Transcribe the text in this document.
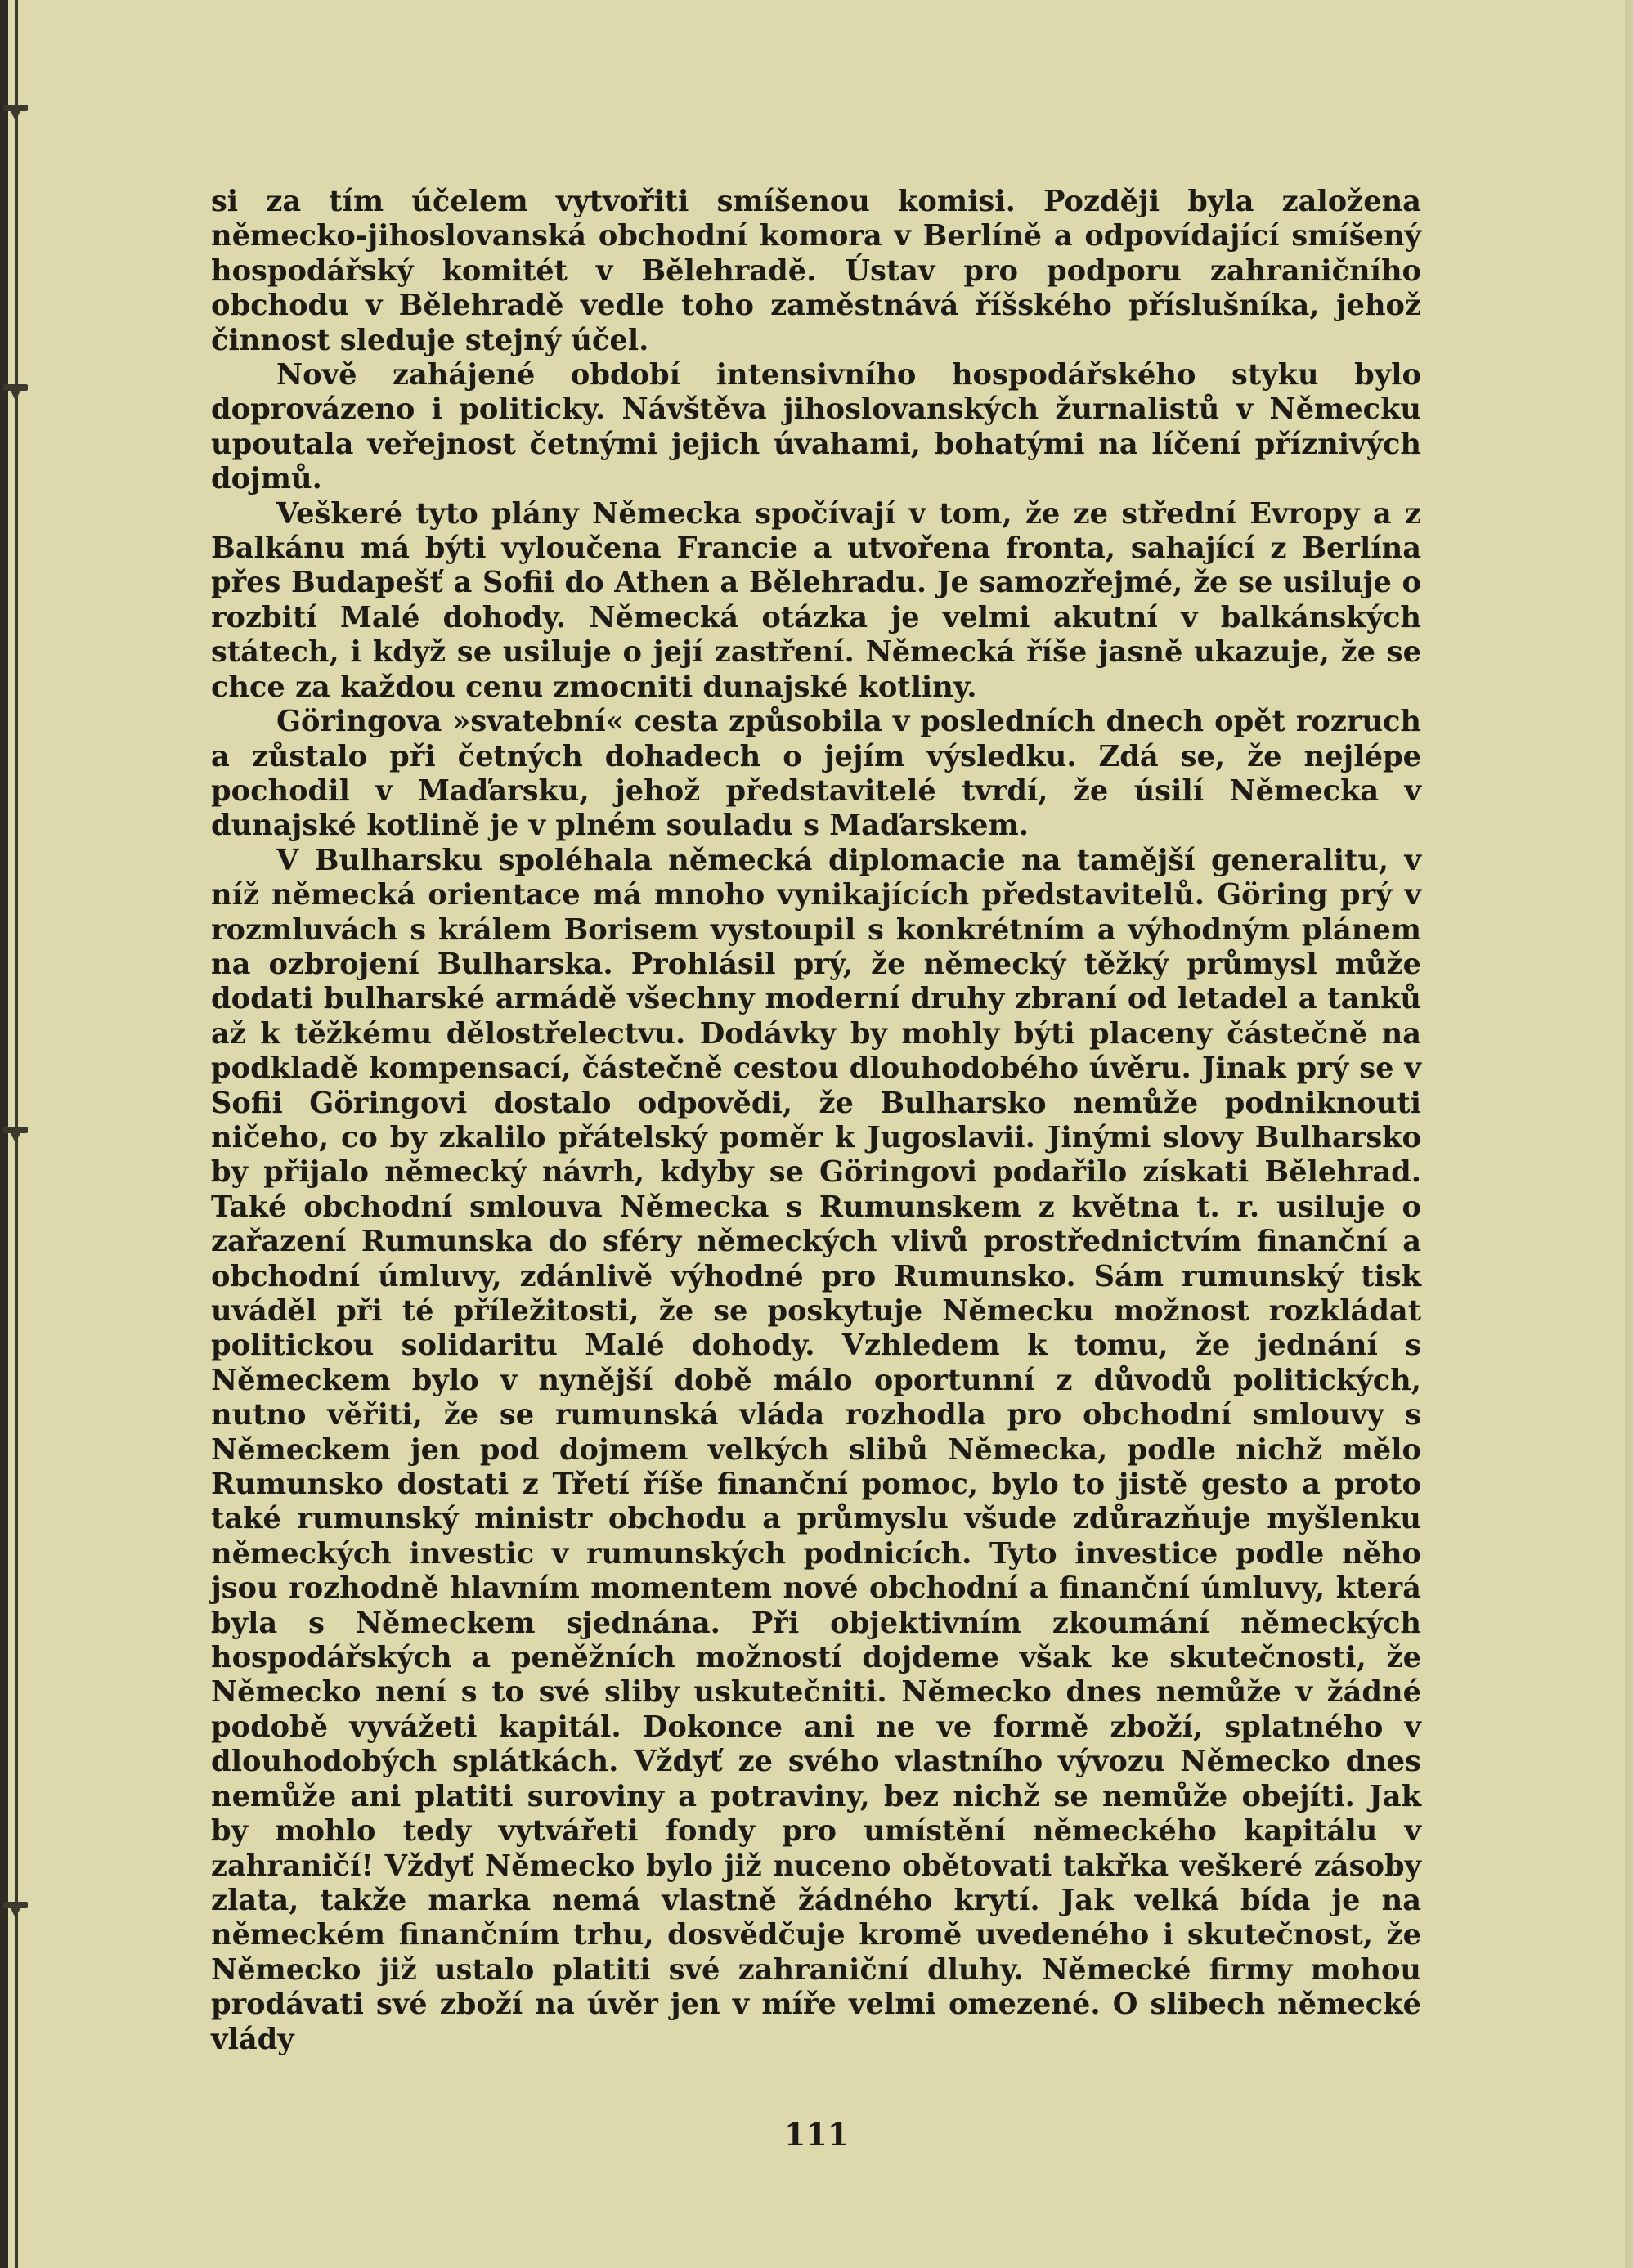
si za tím účelem vytvořiti smíšenou komisi. Později byla založena německo-jihoslovanská obchodní komora v Berlíně a odpovídající smíšený hospodářský komitét v Bělehradě. Ústav pro podporu zahraničního obchodu v Bělehradě vedle toho zaměstnává říšského příslušníka, jehož činnost sleduje stejný účel.

Nově zahájené období intensivního hospodářského styku bylo doprovázeno i politicky. Návštěva jihoslovanských žurnalistů v Německu upoutala veřejnost četnými jejich úvahami, bohatými na líčení příznivých dojmů.

Veškeré tyto plány Německa spočívají v tom, že ze střední Evropy a z Balkánu má býti vyloučena Francie a utvořena fronta, sahající z Berlína přes Budapešť a Sofii do Athen a Bělehradu. Je samozřejmé, že se usiluje o rozbití Malé dohody. Německá otázka je velmi akutní v balkánských státech, i když se usiluje o její zastření. Německá říše jasně ukazuje, že se chce za každou cenu zmocniti dunajské kotliny.

Göringova »svatební« cesta způsobila v posledních dnech opět rozruch a zůstalo při četných dohadech o jejím výsledku. Zdá se, že nejlépe pochodil v Maďarsku, jehož představitelé tvrdí, že úsilí Německa v dunajské kotlině je v plném souladu s Maďarskem.

V Bulharsku spoléhala německá diplomacie na tamější generalitu, v níž německá orientace má mnoho vynikajících představitelů. Göring prý v rozmluvách s králem Borisem vystoupil s konkrétním a výhodným plánem na ozbrojení Bulharska. Prohlásil prý, že německý těžký průmysl může dodati bulharské armádě všechny moderní druhy zbraní od letadel a tanků až k těžkému dělostřelectvu. Dodávky by mohly býti placeny částečně na podkladě kompensací, částečně cestou dlouhodobého úvěru. Jinak prý se v Sofii Göringovi dostalo odpovědi, že Bulharsko nemůže podniknouti ničeho, co by zkalilo přátelský poměr k Jugoslavii. Jinými slovy Bulharsko by přijalo německý návrh, kdyby se Göringovi podařilo získati Bělehrad. Také obchodní smlouva Německa s Rumunskem z května t. r. usiluje o zařazení Rumunska do sféry německých vlivů prostřednictvím finanční a obchodní úmluvy, zdánlivě výhodné pro Rumunsko. Sám rumunský tisk uváděl při té příležitosti, že se poskytuje Německu možnost rozkládat politickou solidaritu Malé dohody. Vzhledem k tomu, že jednání s Německem bylo v nynější době málo oportunní z důvodů politických, nutno věřiti, že se rumunská vláda rozhodla pro obchodní smlouvy s Německem jen pod dojmem velkých slibů Německa, podle nichž mělo Rumunsko dostati z Třetí říše finanční pomoc, bylo to jistě gesto a proto také rumunský ministr obchodu a průmyslu všude zdůrazňuje myšlenku německých investic v rumunských podnicích. Tyto investice podle něho jsou rozhodně hlavním momentem nové obchodní a finanční úmluvy, která byla s Německem sjednána. Při objektivním zkoumání německých hospodářských a peněžních možností dojdeme však ke skutečnosti, že Německo není s to své sliby uskutečniti. Německo dnes nemůže v žádné podobě vyvážeti kapitál. Dokonce ani ne ve formě zboží, splatného v dlouhodobých splátkách. Vždyť ze svého vlastního vývozu Německo dnes nemůže ani platiti suroviny a potraviny, bez nichž se nemůže obejíti. Jak by mohlo tedy vytvářeti fondy pro umístění německého kapitálu v zahraničí! Vždyť Německo bylo již nuceno obětovati takřka veškeré zásoby zlata, takže marka nemá vlastně žádného krytí. Jak velká bída je na německém finančním trhu, dosvědčuje kromě uvedeného i skutečnost, že Německo již ustalo platiti své zahraniční dluhy. Německé firmy mohou prodávati své zboží na úvěr jen v míře velmi omezené. O slibech německé vlády

111
